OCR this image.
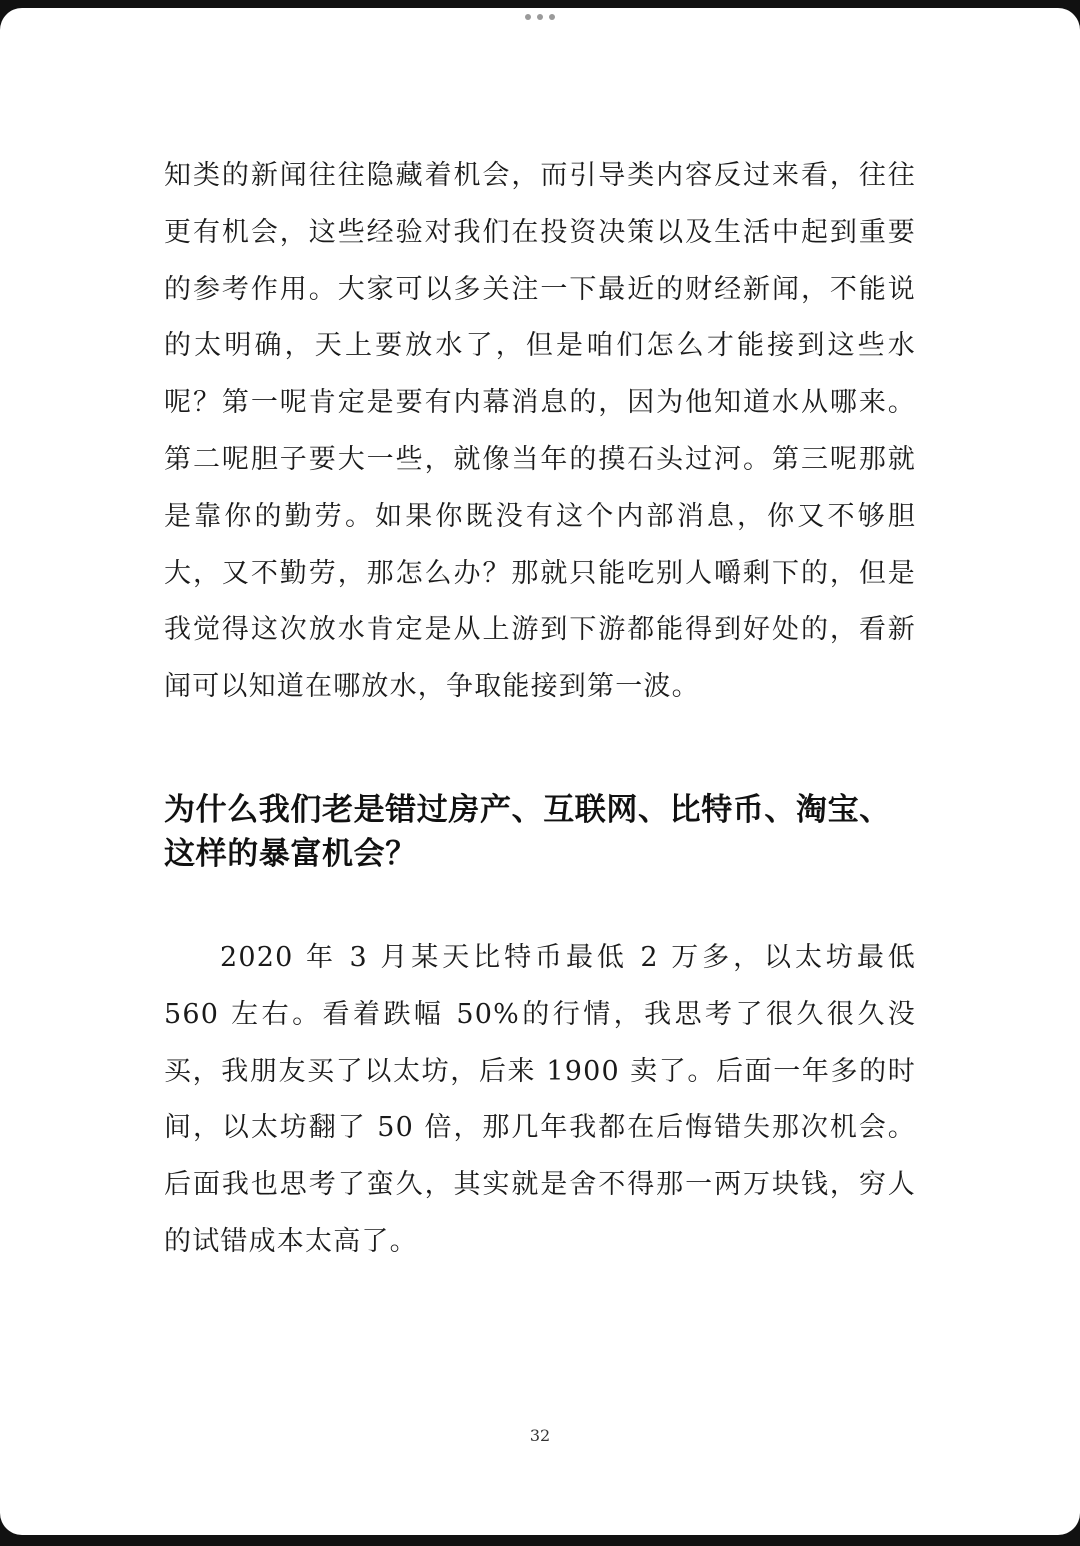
知类的新闻往往隐藏着机会，而引导类内容反过来看，往往更有机会，这些经验对我们在投资决策以及生活中起到重要的参考作用。大家可以多关注一下最近的财经新闻，不能说的太明确，天上要放水了，但是咱们怎么才能接到这些水呢？第一呢肯定是要有内幕消息的，因为他知道水从哪来。第二呢胆子要大一些，就像当年的摸石头过河。第三呢那就是靠你的勤劳。如果你既没有这个内部消息，你又不够胆大，又不勤劳，那怎么办？那就只能吃别人嚼剩下的，但是我觉得这次放水肯定是从上游到下游都能得到好处的，看新闻可以知道在哪放水，争取能接到第一波。

为什么我们老是错过房产、互联网、比特币、淘宝、这样的暴富机会？

2020 年 3 月某天比特币最低 2 万多，以太坊最低 560 左右。看着跌幅 50%的行情，我思考了很久很久没买，我朋友买了以太坊，后来 1900 卖了。后面一年多的时间，以太坊翻了 50 倍，那几年我都在后悔错失那次机会。后面我也思考了蛮久，其实就是舍不得那一两万块钱，穷人的试错成本太高了。

32
